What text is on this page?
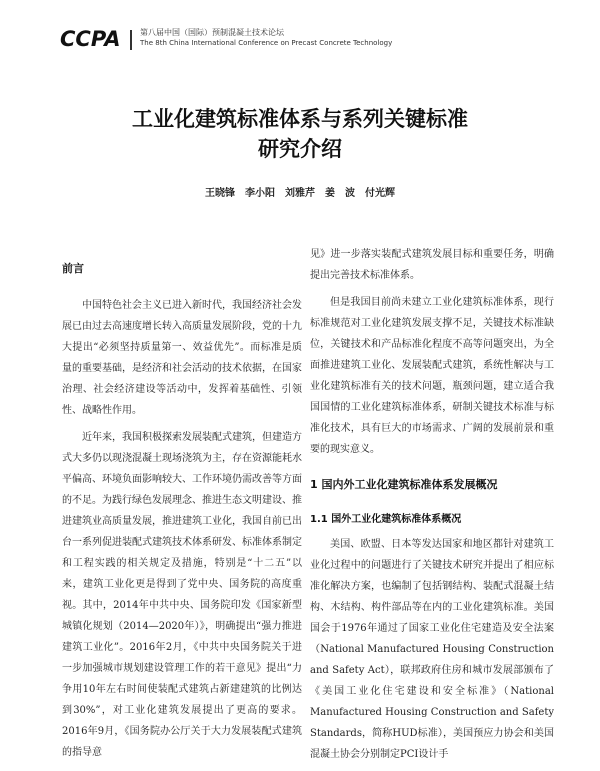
CCPA 第八届中国（国际）预制混凝土技术论坛
The 8th China International Conference on Precast Concrete Technology
工业化建筑标准体系与系列关键标准
研究介绍
王晓锋　李小阳　刘雅芹　姜　波　付光辉
前言

中国特色社会主义已进入新时代，我国经济社会发展已由过去高速度增长转入高质量发展阶段，党的十九大提出“必须坚持质量第一、效益优先”。而标准是质量的重要基础，是经济和社会活动的技术依据，在国家治理、社会经济建设等活动中，发挥着基础性、引领性、战略性作用。

近年来，我国积极探索发展装配式建筑，但建造方式大多仍以现浇混凝土现场浇筑为主，存在资源能耗水平偏高、环境负面影响较大、工作环境仍需改善等方面的不足。为践行绿色发展理念、推进生态文明建设、推进建筑业高质量发展，推进建筑工业化，我国自前已出台一系列促进装配式建筑技术体系研发、标准体系制定和工程实践的相关规定及措施，特别是“十二五”以来，建筑工业化更是得到了党中央、国务院的高度重视。其中，2014年中共中央、国务院印发《国家新型城镇化规划（2014—2020年）》，明确提出“强力推进建筑工业化”。2016年2月，《中共中央国务院关于进一步加强城市规划建设管理工作的若干意见》提出“力争用10年左右时间使装配式建筑占新建建筑的比例达到30%”，对工业化建筑发展提出了更高的要求。2016年9月，《国务院办公厅关于大力发展装配式建筑的指导意

见》进一步落实装配式建筑发展目标和重要任务，明确提出完善技术标准体系。

但是我国目前尚未建立工业化建筑标准体系，现行标准规范对工业化建筑发展支撑不足，关键技术标准缺位，关键技术和产品标准化程度不高等问题突出，为全面推进建筑工业化、发展装配式建筑，系统性解决与工业化建筑标准有关的技术问题，瓶颈问题，建立适合我国国情的工业化建筑标准体系，研制关键技术标准与标准化技术，具有巨大的市场需求、广阔的发展前景和重要的现实意义。

1 国内外工业化建筑标准体系发展概况
1.1 国外工业化建筑标准体系概况

美国、欧盟、日本等发达国家和地区都针对建筑工业化过程中的问题进行了关键技术研究并提出了相应标准化解决方案，也编制了包括钢结构、装配式混凝土结构、木结构、构件部品等在内的工业化建筑标准。美国国会于1976年通过了国家工业化住宅建造及安全法案（National Manufactured Housing Construction and Safety Act），联邦政府住房和城市发展部颁布了《美国工业化住宅建设和安全标准》（National Manufactured Housing Construction and Safety Standards，简称HUD标准），美国预应力协会和美国混凝土协会分别制定PCI设计手
